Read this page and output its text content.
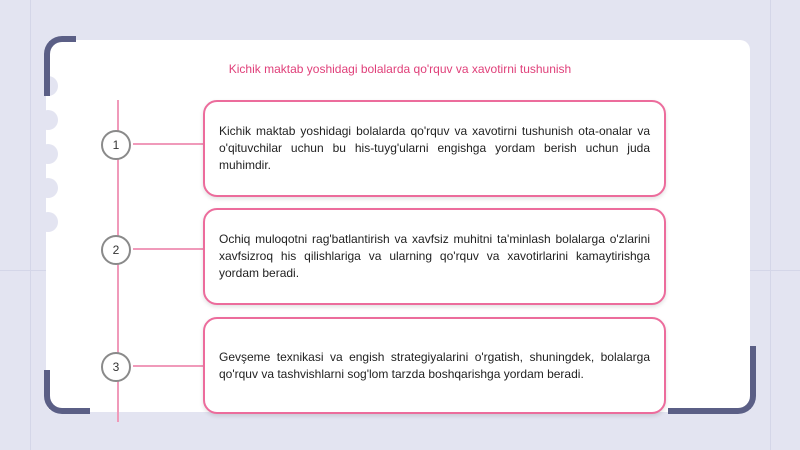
Kichik maktab yoshidagi bolalarda qo'rquv va xavotirni tushunish
1

Kichik maktab yoshidagi bolalarda qo'rquv va xavotirni tushunish ota-onalar va o'qituvchilar uchun bu his-tuyg'ularni engishga yordam berish uchun juda muhimdir.

2

Ochiq muloqotni rag'batlantirish va xavfsiz muhitni ta'minlash bolalarga o'zlarini xavfsizroq his qilishlariga va ularning qo'rquv va xavotirlarini kamaytirishga yordam beradi.

3

Gevşeme texnikasi va engish strategiyalarini o'rgatish, shuningdek, bolalarga qo'rquv va tashvishlarni sog'lom tarzda boshqarishga yordam beradi.
